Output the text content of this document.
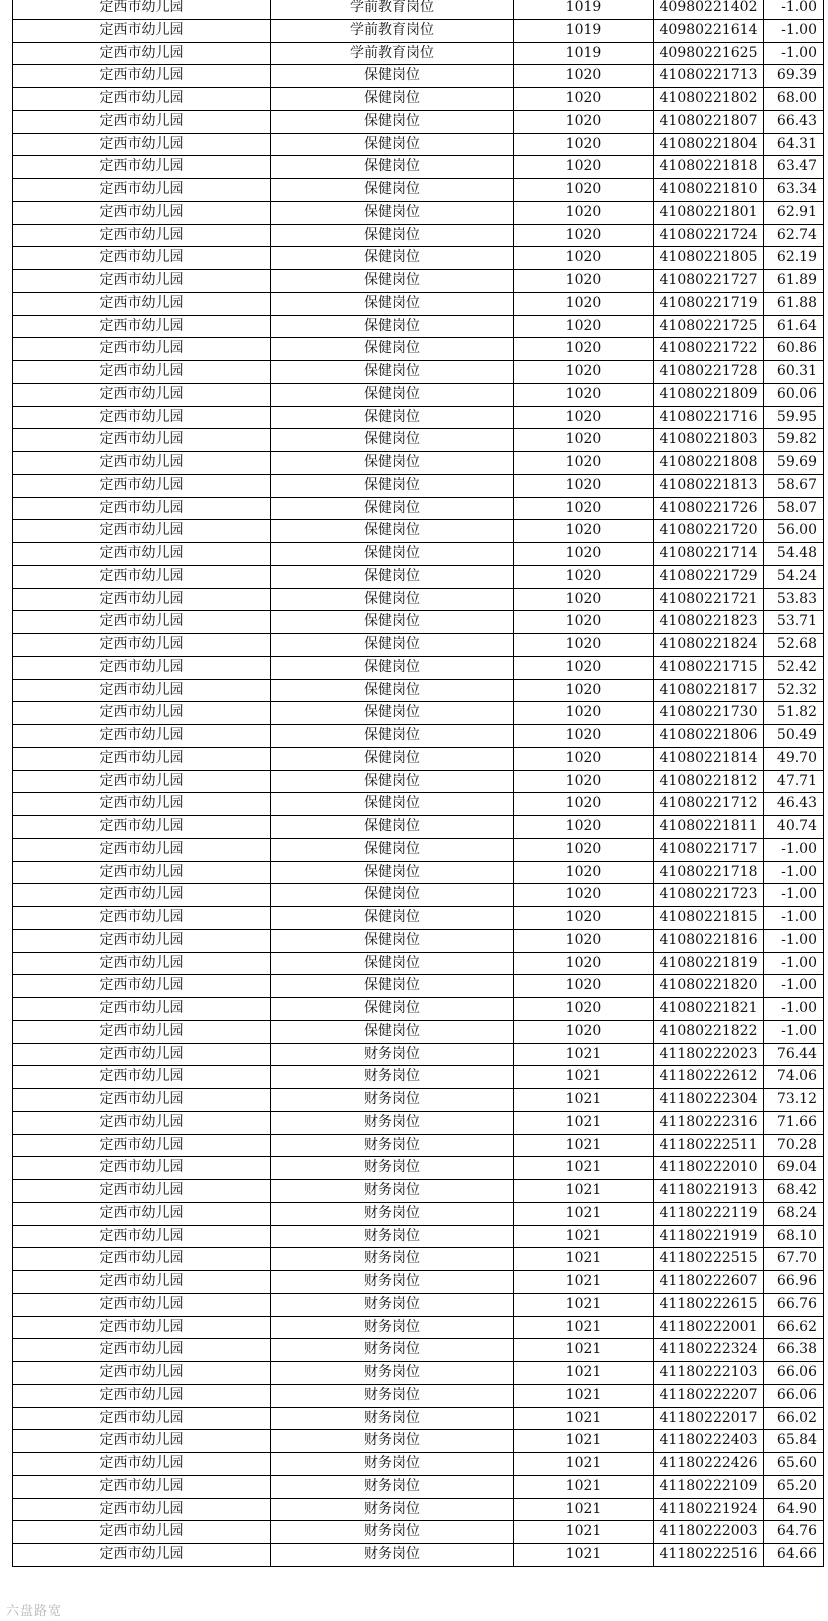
定西市幼儿园	学前教育岗位	1019	40980221402	-1.00
定西市幼儿园	学前教育岗位	1019	40980221614	-1.00
定西市幼儿园	学前教育岗位	1019	40980221625	-1.00
定西市幼儿园	保健岗位	1020	41080221713	69.39
定西市幼儿园	保健岗位	1020	41080221802	68.00
定西市幼儿园	保健岗位	1020	41080221807	66.43
定西市幼儿园	保健岗位	1020	41080221804	64.31
定西市幼儿园	保健岗位	1020	41080221818	63.47
定西市幼儿园	保健岗位	1020	41080221810	63.34
定西市幼儿园	保健岗位	1020	41080221801	62.91
定西市幼儿园	保健岗位	1020	41080221724	62.74
定西市幼儿园	保健岗位	1020	41080221805	62.19
定西市幼儿园	保健岗位	1020	41080221727	61.89
定西市幼儿园	保健岗位	1020	41080221719	61.88
定西市幼儿园	保健岗位	1020	41080221725	61.64
定西市幼儿园	保健岗位	1020	41080221722	60.86
定西市幼儿园	保健岗位	1020	41080221728	60.31
定西市幼儿园	保健岗位	1020	41080221809	60.06
定西市幼儿园	保健岗位	1020	41080221716	59.95
定西市幼儿园	保健岗位	1020	41080221803	59.82
定西市幼儿园	保健岗位	1020	41080221808	59.69
定西市幼儿园	保健岗位	1020	41080221813	58.67
定西市幼儿园	保健岗位	1020	41080221726	58.07
定西市幼儿园	保健岗位	1020	41080221720	56.00
定西市幼儿园	保健岗位	1020	41080221714	54.48
定西市幼儿园	保健岗位	1020	41080221729	54.24
定西市幼儿园	保健岗位	1020	41080221721	53.83
定西市幼儿园	保健岗位	1020	41080221823	53.71
定西市幼儿园	保健岗位	1020	41080221824	52.68
定西市幼儿园	保健岗位	1020	41080221715	52.42
定西市幼儿园	保健岗位	1020	41080221817	52.32
定西市幼儿园	保健岗位	1020	41080221730	51.82
定西市幼儿园	保健岗位	1020	41080221806	50.49
定西市幼儿园	保健岗位	1020	41080221814	49.70
定西市幼儿园	保健岗位	1020	41080221812	47.71
定西市幼儿园	保健岗位	1020	41080221712	46.43
定西市幼儿园	保健岗位	1020	41080221811	40.74
定西市幼儿园	保健岗位	1020	41080221717	-1.00
定西市幼儿园	保健岗位	1020	41080221718	-1.00
定西市幼儿园	保健岗位	1020	41080221723	-1.00
定西市幼儿园	保健岗位	1020	41080221815	-1.00
定西市幼儿园	保健岗位	1020	41080221816	-1.00
定西市幼儿园	保健岗位	1020	41080221819	-1.00
定西市幼儿园	保健岗位	1020	41080221820	-1.00
定西市幼儿园	保健岗位	1020	41080221821	-1.00
定西市幼儿园	保健岗位	1020	41080221822	-1.00
定西市幼儿园	财务岗位	1021	41180222023	76.44
定西市幼儿园	财务岗位	1021	41180222612	74.06
定西市幼儿园	财务岗位	1021	41180222304	73.12
定西市幼儿园	财务岗位	1021	41180222316	71.66
定西市幼儿园	财务岗位	1021	41180222511	70.28
定西市幼儿园	财务岗位	1021	41180222010	69.04
定西市幼儿园	财务岗位	1021	41180221913	68.42
定西市幼儿园	财务岗位	1021	41180222119	68.24
定西市幼儿园	财务岗位	1021	41180221919	68.10
定西市幼儿园	财务岗位	1021	41180222515	67.70
定西市幼儿园	财务岗位	1021	41180222607	66.96
定西市幼儿园	财务岗位	1021	41180222615	66.76
定西市幼儿园	财务岗位	1021	41180222001	66.62
定西市幼儿园	财务岗位	1021	41180222324	66.38
定西市幼儿园	财务岗位	1021	41180222103	66.06
定西市幼儿园	财务岗位	1021	41180222207	66.06
定西市幼儿园	财务岗位	1021	41180222017	66.02
定西市幼儿园	财务岗位	1021	41180222403	65.84
定西市幼儿园	财务岗位	1021	41180222426	65.60
定西市幼儿园	财务岗位	1021	41180222109	65.20
定西市幼儿园	财务岗位	1021	41180221924	64.90
定西市幼儿园	财务岗位	1021	41180222003	64.76
定西市幼儿园	财务岗位	1021	41180222516	64.66
六盘路宽
